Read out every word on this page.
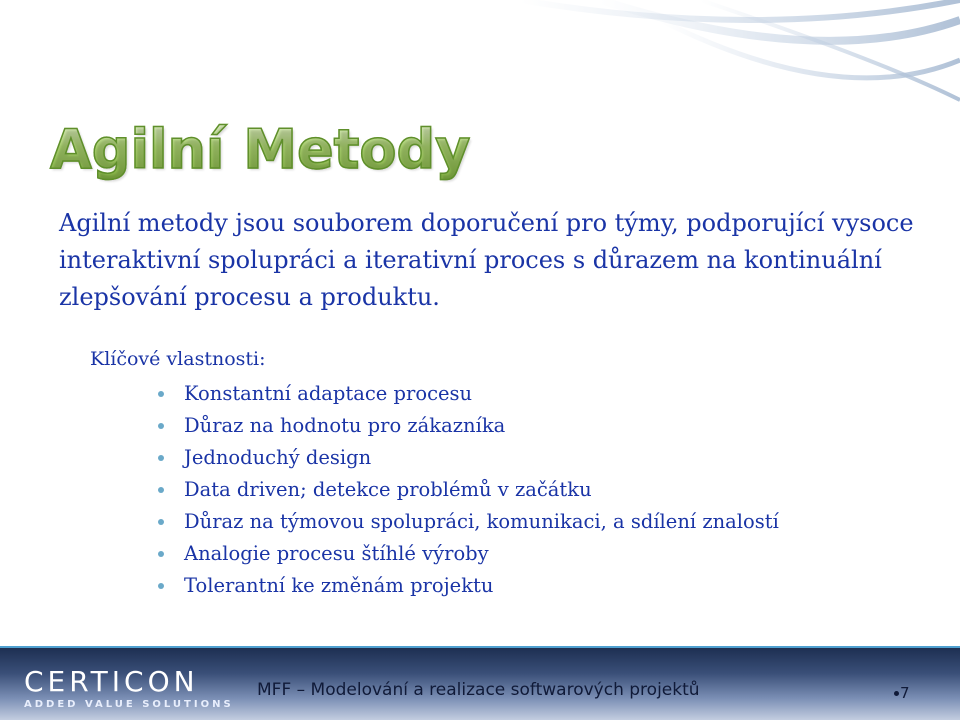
Agilní Metody

Agilní metody jsou souborem doporučení pro týmy, podporující vysoce interaktivní spolupráci a iterativní proces s důrazem na kontinuální zlepšování procesu a produktu.

Klíčové vlastnosti:

Konstantní adaptace procesu
Důraz na hodnotu pro zákazníka
Jednoduchý design
Data driven; detekce problémů v začátku
Důraz na týmovou spolupráci, komunikaci, a sdílení znalostí
Analogie procesu štíhlé výroby
Tolerantní ke změnám projektu
CERTICON
ADDED VALUE SOLUTIONS
MFF – Modelování a realizace softwarových projektů	7
